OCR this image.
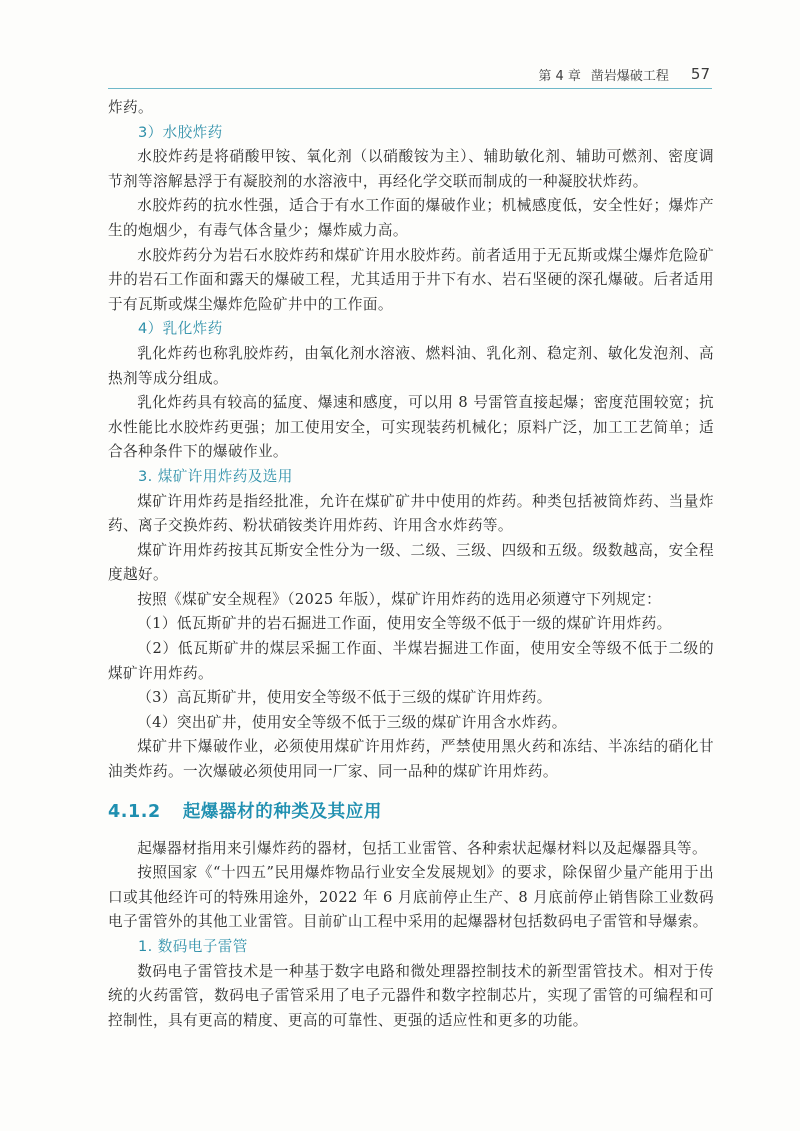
第 4 章 凿岩爆破工程 57

炸药。

3）水胶炸药

水胶炸药是将硝酸甲铵、氧化剂（以硝酸铵为主）、辅助敏化剂、辅助可燃剂、密度调节剂等溶解悬浮于有凝胶剂的水溶液中，再经化学交联而制成的一种凝胶状炸药。

水胶炸药的抗水性强，适合于有水工作面的爆破作业；机械感度低，安全性好；爆炸产生的炮烟少，有毒气体含量少；爆炸威力高。

水胶炸药分为岩石水胶炸药和煤矿许用水胶炸药。前者适用于无瓦斯或煤尘爆炸危险矿井的岩石工作面和露天的爆破工程，尤其适用于井下有水、岩石坚硬的深孔爆破。后者适用于有瓦斯或煤尘爆炸危险矿井中的工作面。

4）乳化炸药

乳化炸药也称乳胶炸药，由氧化剂水溶液、燃料油、乳化剂、稳定剂、敏化发泡剂、高热剂等成分组成。

乳化炸药具有较高的猛度、爆速和感度，可以用 8 号雷管直接起爆；密度范围较宽；抗水性能比水胶炸药更强；加工使用安全，可实现装药机械化；原料广泛，加工工艺简单；适合各种条件下的爆破作业。

3. 煤矿许用炸药及选用

煤矿许用炸药是指经批准，允许在煤矿矿井中使用的炸药。种类包括被筒炸药、当量炸药、离子交换炸药、粉状硝铵类许用炸药、许用含水炸药等。

煤矿许用炸药按其瓦斯安全性分为一级、二级、三级、四级和五级。级数越高，安全程度越好。

按照《煤矿安全规程》（2025 年版），煤矿许用炸药的选用必须遵守下列规定：

（1）低瓦斯矿井的岩石掘进工作面，使用安全等级不低于一级的煤矿许用炸药。

（2）低瓦斯矿井的煤层采掘工作面、半煤岩掘进工作面，使用安全等级不低于二级的煤矿许用炸药。

（3）高瓦斯矿井，使用安全等级不低于三级的煤矿许用炸药。

（4）突出矿井，使用安全等级不低于三级的煤矿许用含水炸药。

煤矿井下爆破作业，必须使用煤矿许用炸药，严禁使用黑火药和冻结、半冻结的硝化甘油类炸药。一次爆破必须使用同一厂家、同一品种的煤矿许用炸药。

4.1.2 起爆器材的种类及其应用

起爆器材指用来引爆炸药的器材，包括工业雷管、各种索状起爆材料以及起爆器具等。

按照国家《“十四五”民用爆炸物品行业安全发展规划》的要求，除保留少量产能用于出口或其他经许可的特殊用途外，2022 年 6 月底前停止生产、8 月底前停止销售除工业数码电子雷管外的其他工业雷管。目前矿山工程中采用的起爆器材包括数码电子雷管和导爆索。

1. 数码电子雷管

数码电子雷管技术是一种基于数字电路和微处理器控制技术的新型雷管技术。相对于传统的火药雷管，数码电子雷管采用了电子元器件和数字控制芯片，实现了雷管的可编程和可控制性，具有更高的精度、更高的可靠性、更强的适应性和更多的功能。
